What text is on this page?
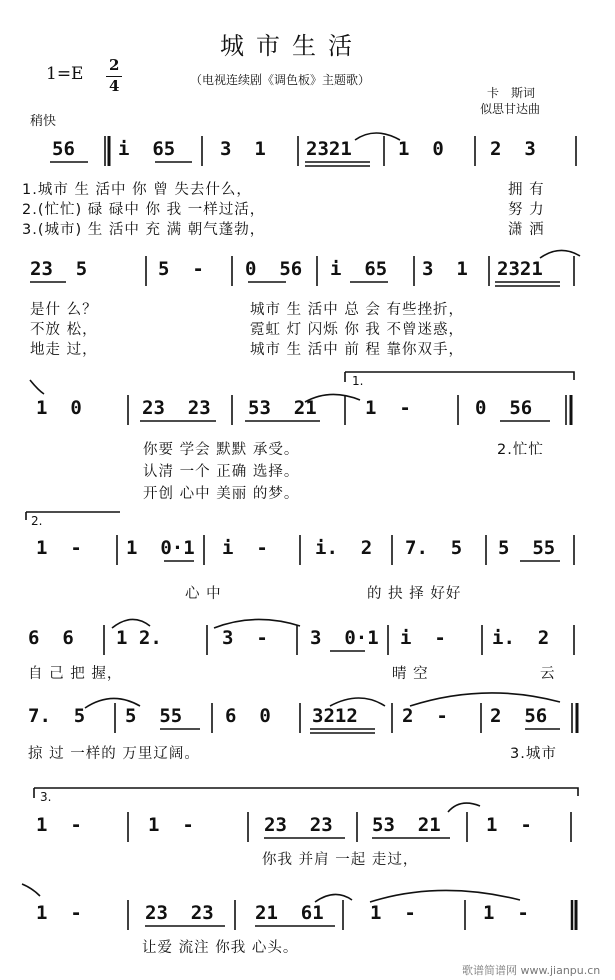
城市生活
1=E 2
4	（电视连续剧《调色板》主题歌）
卡　斯词
似思甘达曲
稍快
1.
2.
3.
56 i  65 3  1 2321 1  0 2  3
1.城市 生 活中 你 曾 失去什么，	拥 有
2.(忙忙) 碌 碌中 你 我 一样过活，	努 力
3.(城市) 生 活中 充 满 朝气蓬勃，	潇 洒
23  5	5  - 0  56 i  65 3  1 2321
是什 么？	城市 生 活中 总 会 有些挫折，
不放 松，	霓虹 灯 闪烁 你 我 不曾迷惑，
地走 过，	城市 生 活中 前 程 靠你双手，
1  0	23  23 53  21	1  -	0  56
你要 学会 默默 承受。	2.忙忙
认清 一个 正确 选择。
开创 心中 美丽 的梦。
1  - 1  0·1 i  - i.  2 7.  5 5  55
心 中	的 抉 择 好好
6  6 1 2.	3  - 3  0·1 i  - i.  2
自 己 把 握，	晴 空	云
7.  5 5  55 6  0 3212 2  - 2  56
掠 过 一样的 万里辽阔。	3.城市
1  -	1  -	23  23 53  21 1  -
你我 并肩 一起 走过，
1  -	23  23 21  61 1  -	1  -
让爱 流注 你我 心头。
歌谱简谱网 www.jianpu.cn
